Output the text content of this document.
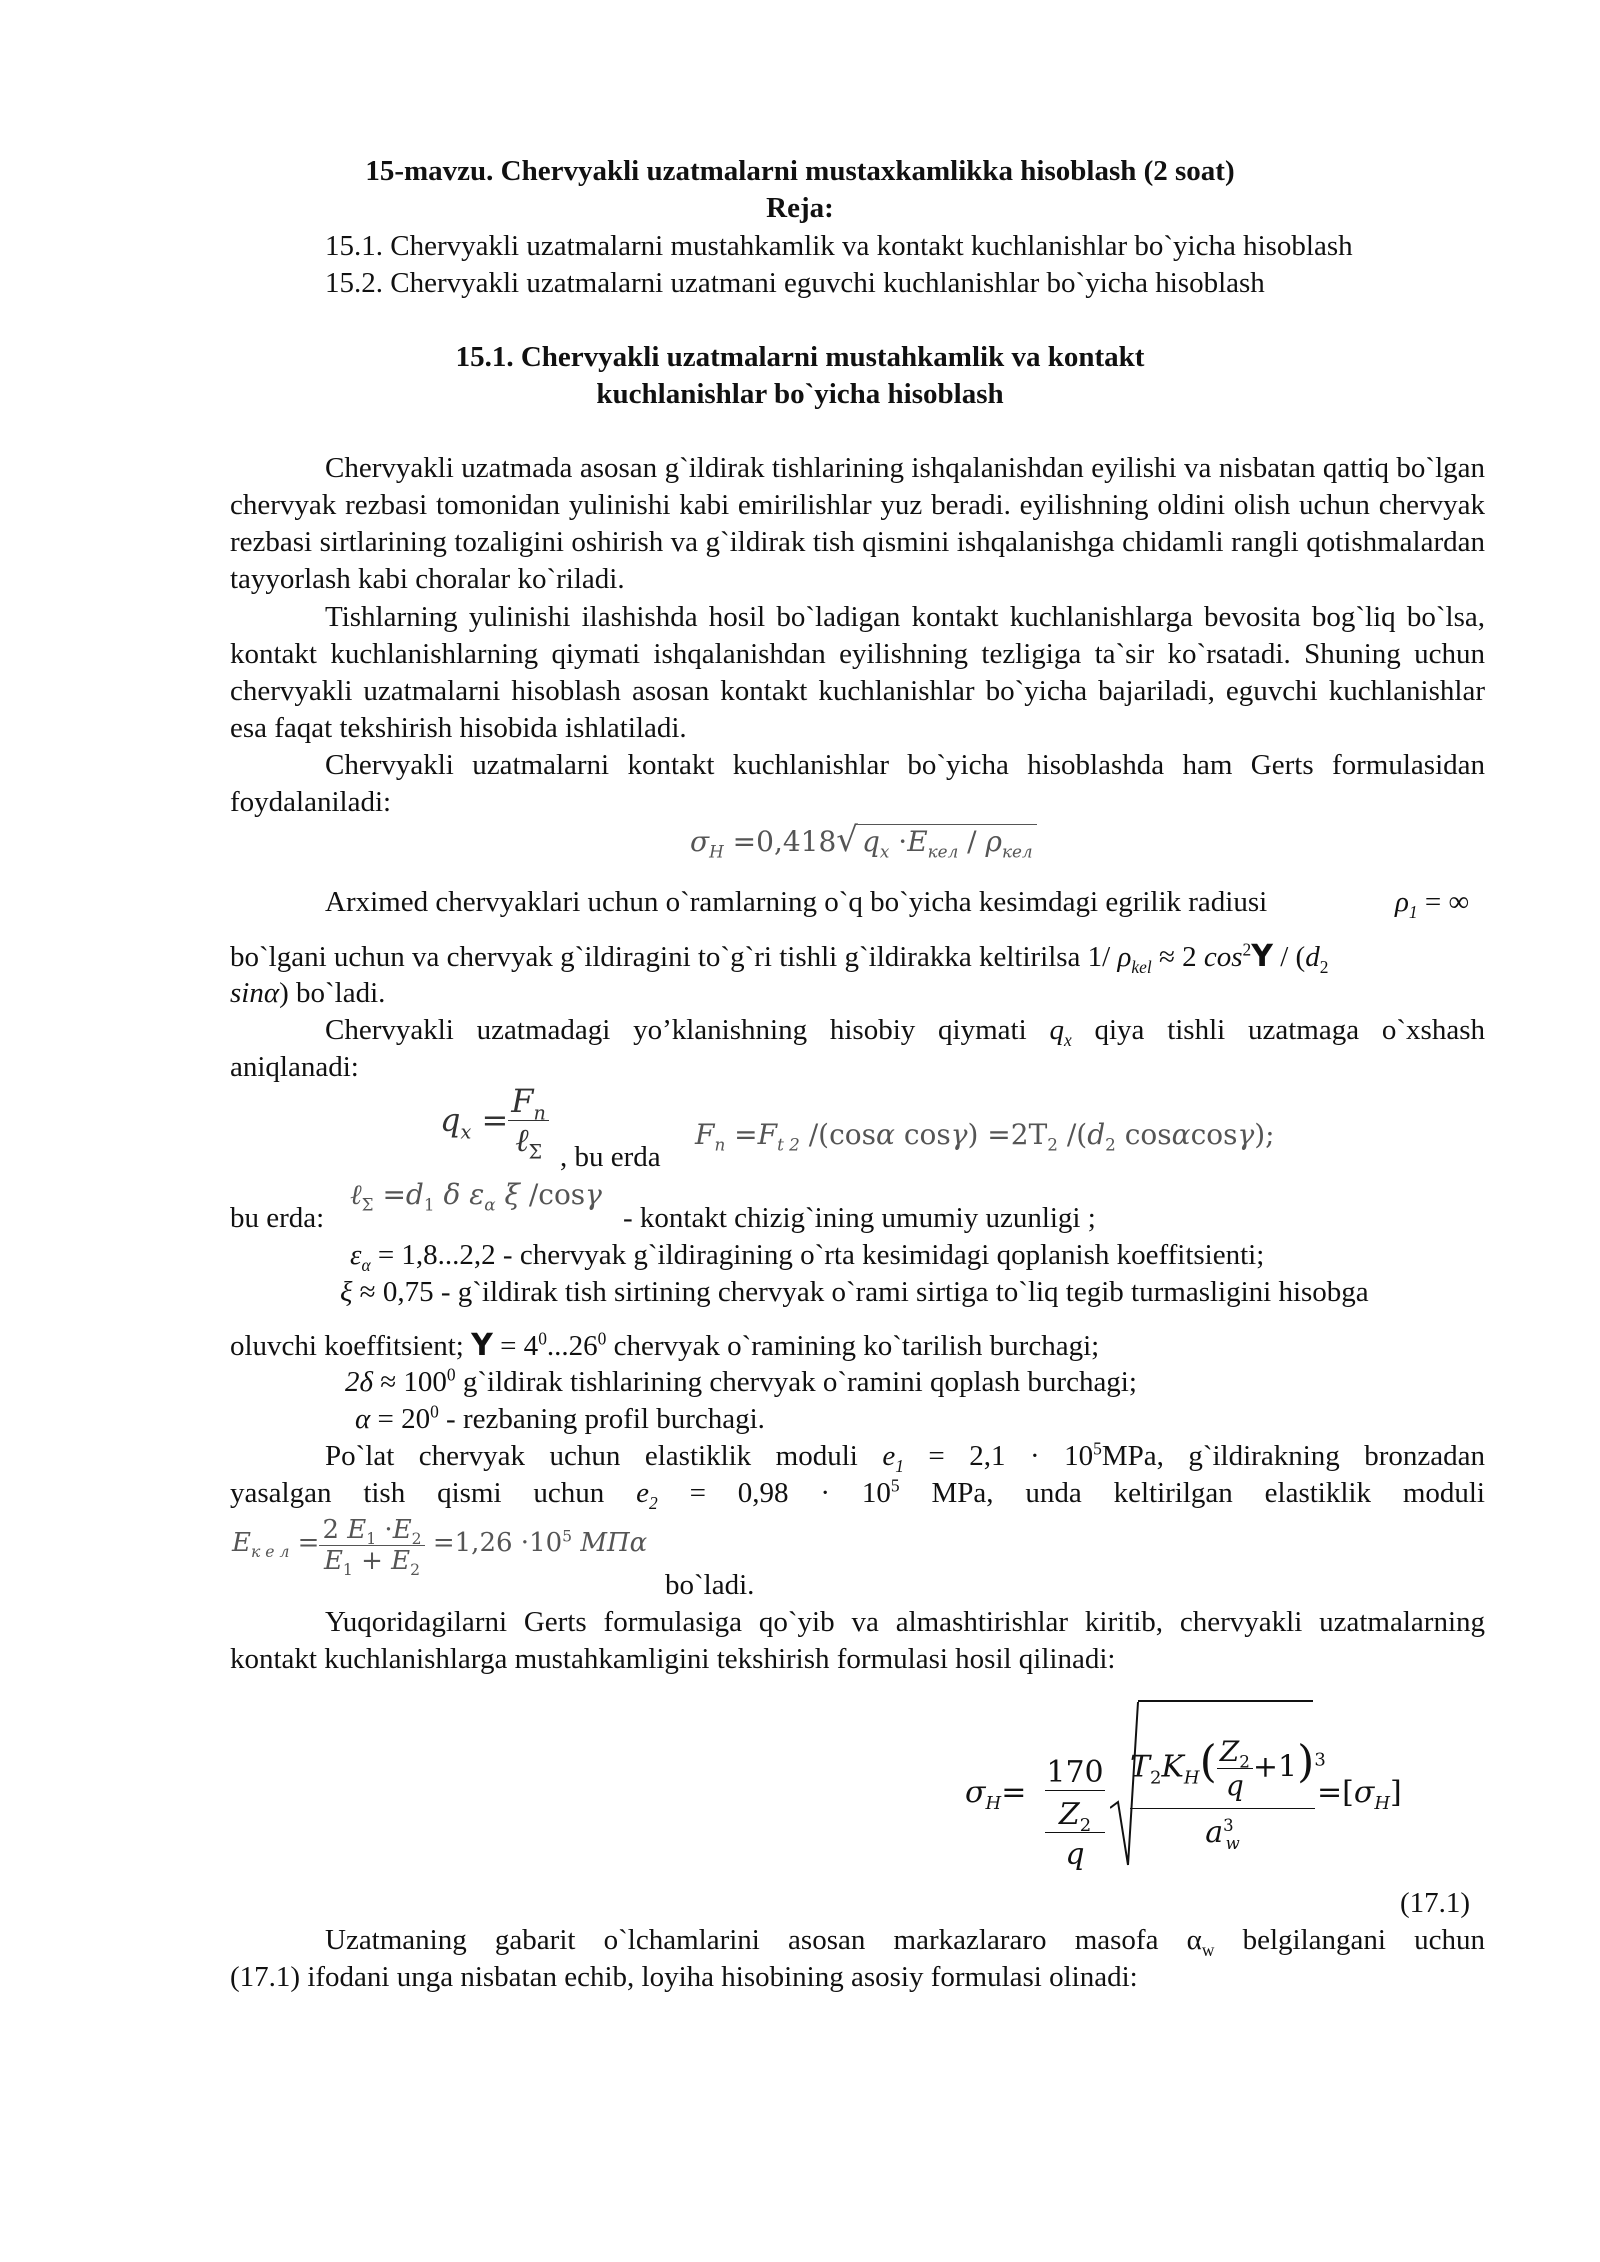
15-mavzu. Chervyakli uzatmalarni mustaxkamlikka hisoblash (2 soat)
Reja:
15.1. Chervyakli uzatmalarni mustahkamlik va kontakt kuchlanishlar bo`yicha hisoblash
15.2. Chervyakli uzatmalarni uzatmani eguvchi kuchlanishlar bo`yicha hisoblash
15.1. Chervyakli uzatmalarni mustahkamlik va kontakt
kuchlanishlar bo`yicha hisoblash
Chervyakli uzatmada asosan g`ildirak tishlarining ishqalanishdan eyilishi va nisbatan qattiq bo`lgan chervyak rezbasi tomonidan yulinishi kabi emirilishlar yuz beradi. eyilishning oldini olish uchun chervyak rezbasi sirtlarining tozaligini oshirish va g`ildirak tish qismini ishqalanishga chidamli rangli qotishmalardan tayyorlash kabi choralar ko`riladi.
Tishlarning yulinishi ilashishda hosil bo`ladigan kontakt kuchlanishlarga bevosita bog`liq bo`lsa, kontakt kuchlanishlarning qiymati ishqalanishdan eyilishning tezligiga ta`sir ko`rsatadi. Shuning uchun chervyakli uzatmalarni hisoblash asosan kontakt kuchlanishlar bo`yicha bajariladi, eguvchi kuchlanishlar esa faqat tekshirish hisobida ishlatiladi.
Chervyakli uzatmalarni kontakt kuchlanishlar bo`yicha hisoblashda ham Gerts formulasidan foydalaniladi:
$\sigma_H =0,418√$ $q_x \cdot E_{кел} / \rho_{кел}$
Arximed chervyaklari uchun o`ramlarning o`q bo`yicha kesimdagi egrilik radiusi	$\rho_1$ = ∞
bo`lgani uchun va chervyak g`ildiragini to`g`ri tishli g`ildirakka keltirilsa 1/ $\rho_{kel} \approx 2$ $\cos^2Y / (d_2$
sinα) bo`ladi.
Chervyakli uzatmadagi yo’klanishning hisobiy qiymati $q_x$ qiya tishli uzatmaga o`xshash
aniqlanadi:
$q_x = \frac{F_n}{\ell_\Sigma}$ , bu erda
$F_n =F_{t 2}$ /(cosα $\cos\gamma) =2T_2$ $/(d_2$ cosαcosγ);
bu erda:
ℓ$_\Sigma$ $=d_1$ δ $\varepsilon_\alpha$ ξ /cosγ
- kontakt chizig`ining umumiy uzunligi ;
$\varepsilon_\alpha = 1,8...2,2$ - chervyak g`ildiragining o`rta kesimidagi qoplanish koeffitsienti;
ξ ≈ 0,75 - g`ildirak tish sirtining chervyak o`rami sirtiga to`liq tegib turmasligini hisobga
oluvchi koeffitsient; $Y = 4^0...26^0$ chervyak o`ramining ko`tarilish burchagi;
$2\delta \approx 100^0$ g`ildirak tishlarining chervyak o`ramini qoplash burchagi;
$\alpha = 20^0$ - rezbaning profil burchagi.
Po`lat chervyak uchun elastiklik moduli $e_1 = 2,1 \cdot 10^5MPa$, g`ildirakning bronzadan
yasalgan tish qismi uchun $e_2 = 0,98 \cdot 10^5$ MPa, unda keltirilgan elastiklik moduli
$E_{к е л} = \frac{2 E_1 \cdot E_2}{E_1 + E_2} =1,26 \cdot 10^5$ MПα
bo`ladi.
Yuqoridagilarni Gerts formulasiga qo`yib va almashtirishlar kiritib, chervyakli uzatmalarning kontakt kuchlanishlarga mustahkamligini tekshirish formulasi hosil qilinadi:
$\sigma_H=$
170
$Z_2$
q
$T_2K_H( \frac{Z_2}{q} +1)^3$
$a^3_w$
$=[\sigma_H]$
(17.1)
Uzatmaning gabarit o`lchamlarini asosan markazlararo masofa $\alpha_w$ belgilangani uchun
(17.1) ifodani unga nisbatan echib, loyiha hisobining asosiy formulasi olinadi:
